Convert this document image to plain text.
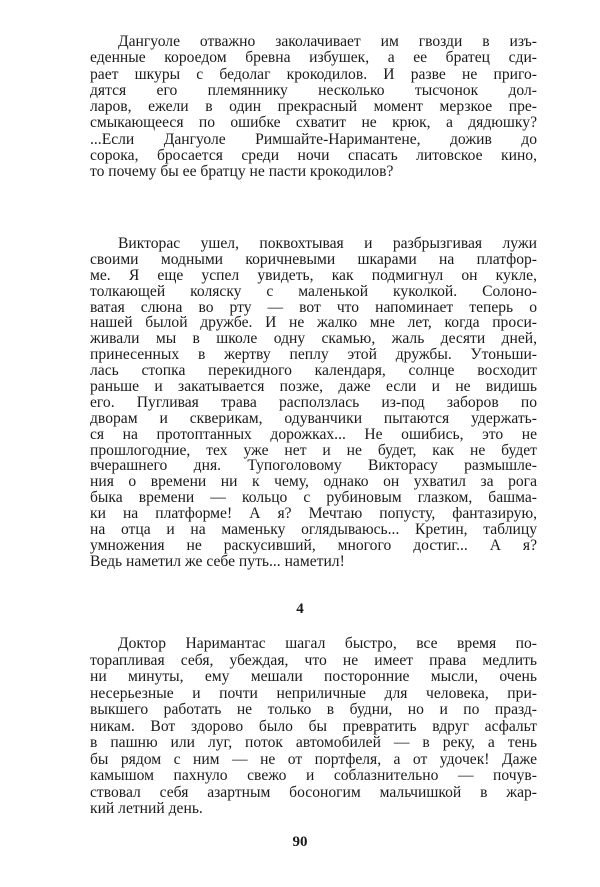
Дангуоле отважно заколачивает им гвозди в изъ-
еденные короедом бревна избушек, а ее братец сди-
рает шкуры с бедолаг крокодилов. И разве не приго-
дятся его племяннику несколько тысчонок дол-
ларов, ежели в один прекрасный момент мерзкое пре-
смыкающееся по ошибке схватит не крюк, а дядюшку?
...Если Дангуоле Римшайте-Наримантене, дожив до
сорока, бросается среди ночи спасать литовское кино,
то почему бы ее братцу не пасти крокодилов?
Викторас ушел, поквохтывая и разбрызгивая лужи
своими модными коричневыми шкарами на платфор-
ме. Я еще успел увидеть, как подмигнул он кукле,
толкающей коляску с маленькой куколкой. Солоно-
ватая слюна во рту — вот что напоминает теперь о
нашей былой дружбе. И не жалко мне лет, когда проси-
живали мы в школе одну скамью, жаль десяти дней,
принесенных в жертву пеплу этой дружбы. Утоньши-
лась стопка перекидного календаря, солнце восходит
раньше и закатывается позже, даже если и не видишь
его. Пугливая трава расползлась из-под заборов по
дворам и скверикам, одуванчики пытаются удержать-
ся на протоптанных дорожках... Не ошибись, это не
прошлогодние, тех уже нет и не будет, как не будет
вчерашнего дня. Тупоголовому Викторасу размышле-
ния о времени ни к чему, однако он ухватил за рога
быка времени — кольцо с рубиновым глазком, башма-
ки на платформе! А я? Мечтаю попусту, фантазирую,
на отца и на маменьку оглядываюсь... Кретин, таблицу
умножения не раскусивший, многого достиг... А я?
Ведь наметил же себе путь... наметил!
4
Доктор Наримантас шагал быстро, все время по-
торапливая себя, убеждая, что не имеет права медлить
ни минуты, ему мешали посторонние мысли, очень
несерьезные и почти неприличные для человека, при-
выкшего работать не только в будни, но и по празд-
никам. Вот здорово было бы превратить вдруг асфальт
в пашню или луг, поток автомобилей — в реку, а тень
бы рядом с ним — не от портфеля, а от удочек! Даже
камышом пахнуло свежо и соблазнительно — почув-
ствовал себя азартным босоногим мальчишкой в жар-
кий летний день.
90
